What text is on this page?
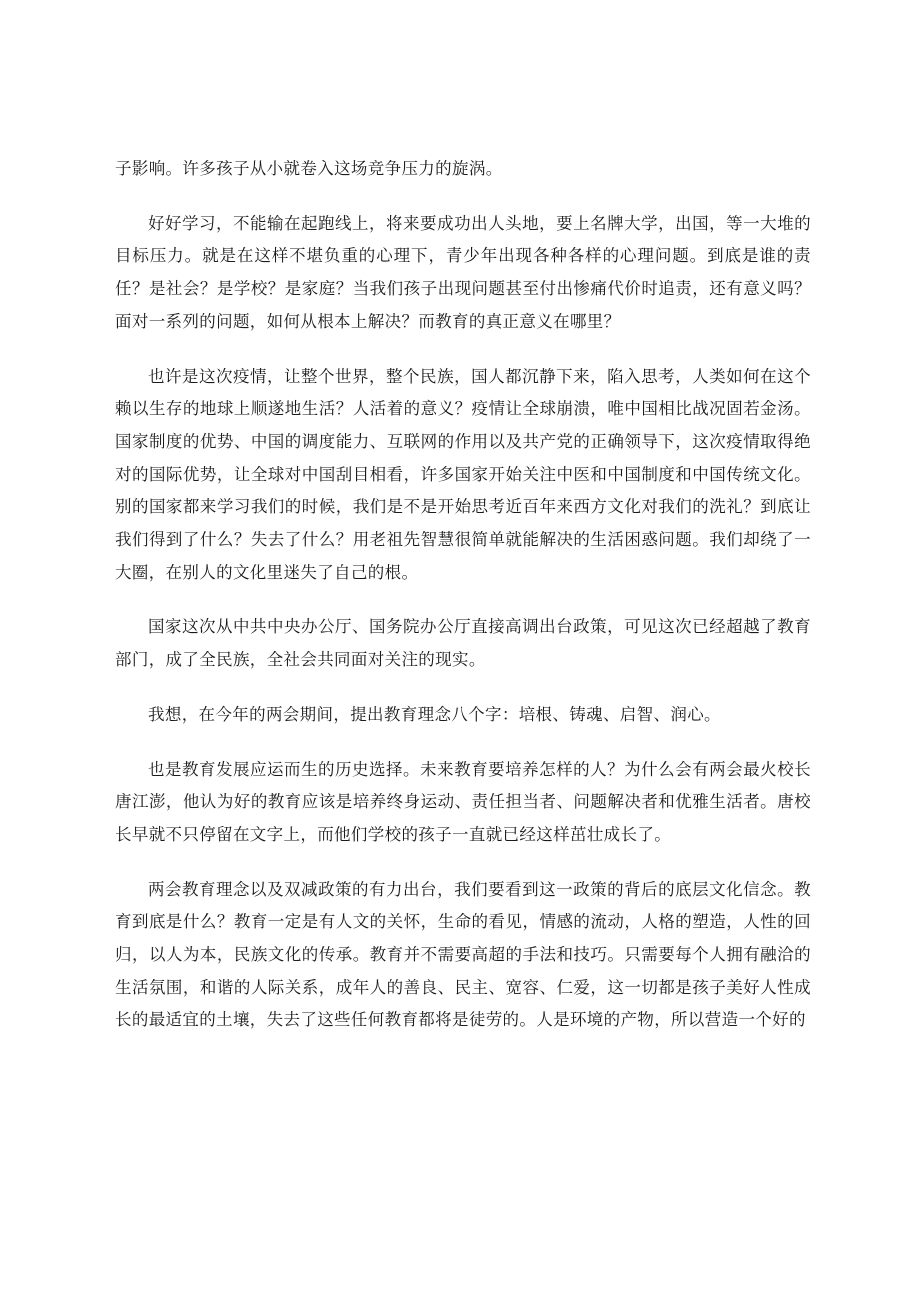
子影响。许多孩子从小就卷入这场竞争压力的旋涡。

好好学习，不能输在起跑线上，将来要成功出人头地，要上名牌大学，出国，等一大堆的目标压力。就是在这样不堪负重的心理下，青少年出现各种各样的心理问题。到底是谁的责任？是社会？是学校？是家庭？当我们孩子出现问题甚至付出惨痛代价时追责，还有意义吗？面对一系列的问题，如何从根本上解决？而教育的真正意义在哪里？

也许是这次疫情，让整个世界，整个民族，国人都沉静下来，陷入思考，人类如何在这个赖以生存的地球上顺遂地生活？人活着的意义？疫情让全球崩溃，唯中国相比战况固若金汤。国家制度的优势、中国的调度能力、互联网的作用以及共产党的正确领导下，这次疫情取得绝对的国际优势，让全球对中国刮目相看，许多国家开始关注中医和中国制度和中国传统文化。别的国家都来学习我们的时候，我们是不是开始思考近百年来西方文化对我们的洗礼？到底让我们得到了什么？失去了什么？用老祖先智慧很简单就能解决的生活困惑问题。我们却绕了一大圈，在别人的文化里迷失了自己的根。

国家这次从中共中央办公厅、国务院办公厅直接高调出台政策，可见这次已经超越了教育部门，成了全民族，全社会共同面对关注的现实。

我想，在今年的两会期间，提出教育理念八个字：培根、铸魂、启智、润心。

也是教育发展应运而生的历史选择。未来教育要培养怎样的人？为什么会有两会最火校长唐江澎，他认为好的教育应该是培养终身运动、责任担当者、问题解决者和优雅生活者。唐校长早就不只停留在文字上，而他们学校的孩子一直就已经这样茁壮成长了。

两会教育理念以及双减政策的有力出台，我们要看到这一政策的背后的底层文化信念。教育到底是什么？教育一定是有人文的关怀，生命的看见，情感的流动，人格的塑造，人性的回归，以人为本，民族文化的传承。教育并不需要高超的手法和技巧。只需要每个人拥有融洽的生活氛围，和谐的人际关系，成年人的善良、民主、宽容、仁爱，这一切都是孩子美好人性成长的最适宜的土壤，失去了这些任何教育都将是徒劳的。人是环境的产物，所以营造一个好的
